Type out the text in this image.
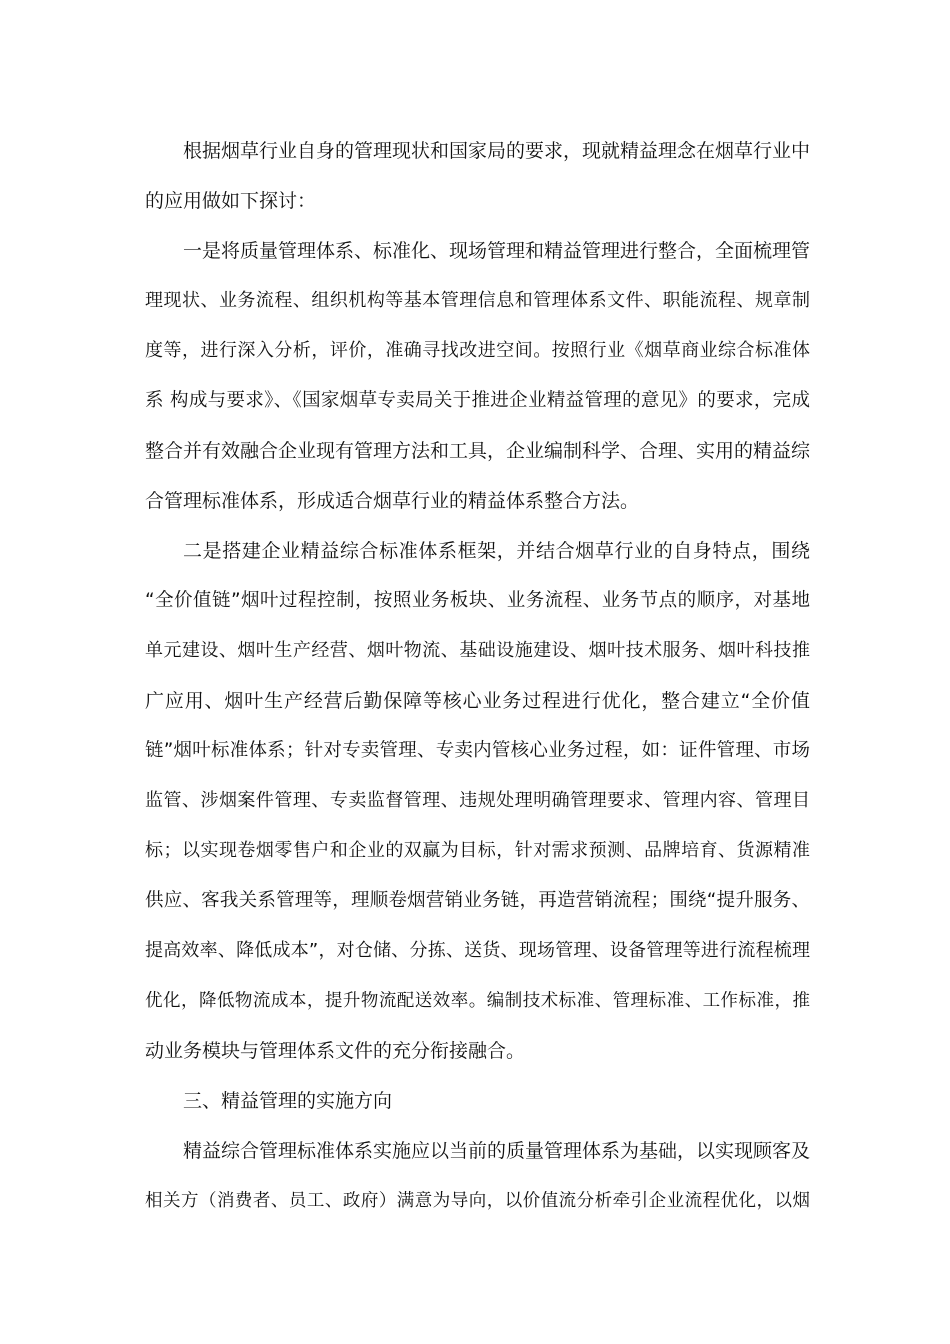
根据烟草行业自身的管理现状和国家局的要求，现就精益理念在烟草行业中
的应用做如下探讨：
一是将质量管理体系、标准化、现场管理和精益管理进行整合，全面梳理管
理现状、业务流程、组织机构等基本管理信息和管理体系文件、职能流程、规章制
度等，进行深入分析，评价，准确寻找改进空间。按照行业《烟草商业综合标准体
系 构成与要求》、《国家烟草专卖局关于推进企业精益管理的意见》的要求，完成
整合并有效融合企业现有管理方法和工具，企业编制科学、合理、实用的精益综
合管理标准体系，形成适合烟草行业的精益体系整合方法。
二是搭建企业精益综合标准体系框架，并结合烟草行业的自身特点，围绕
“全价值链”烟叶过程控制，按照业务板块、业务流程、业务节点的顺序，对基地
单元建设、烟叶生产经营、烟叶物流、基础设施建设、烟叶技术服务、烟叶科技推
广应用、烟叶生产经营后勤保障等核心业务过程进行优化，整合建立“全价值
链”烟叶标准体系；针对专卖管理、专卖内管核心业务过程，如：证件管理、市场
监管、涉烟案件管理、专卖监督管理、违规处理明确管理要求、管理内容、管理目
标；以实现卷烟零售户和企业的双赢为目标，针对需求预测、品牌培育、货源精准
供应、客我关系管理等，理顺卷烟营销业务链，再造营销流程；围绕“提升服务、
提高效率、降低成本”，对仓储、分拣、送货、现场管理、设备管理等进行流程梳理
优化，降低物流成本，提升物流配送效率。编制技术标准、管理标准、工作标准，推
动业务模块与管理体系文件的充分衔接融合。
三、精益管理的实施方向
精益综合管理标准体系实施应以当前的质量管理体系为基础，以实现顾客及
相关方（消费者、员工、政府）满意为导向，以价值流分析牵引企业流程优化，以烟
